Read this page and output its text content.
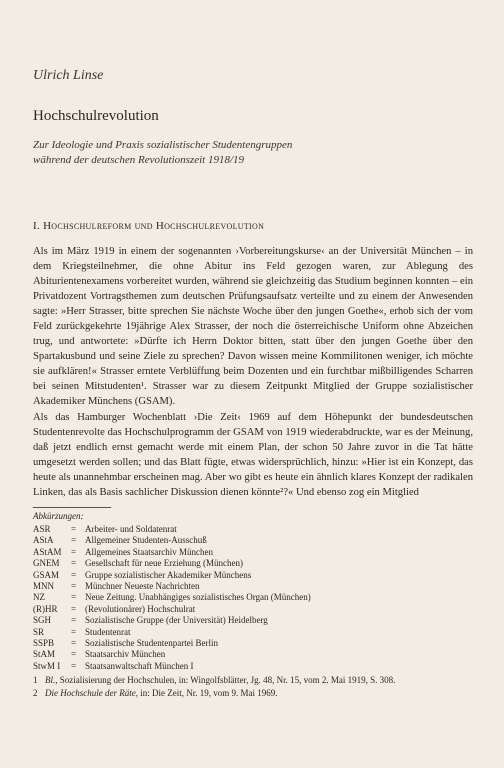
Ulrich Linse
Hochschulrevolution
Zur Ideologie und Praxis sozialistischer Studentengruppen
während der deutschen Revolutionszeit 1918/19
I. Hochschulreform und Hochschulrevolution

Als im März 1919 in einem der sogenannten ›Vorbereitungskurse‹ an der Universität München – in dem Kriegsteilnehmer, die ohne Abitur ins Feld gezogen waren, zur Ablegung des Abiturientenexamens vorbereitet wurden, während sie gleichzeitig das Studium beginnen konnten – ein Privatdozent Vortragsthemen zum deutschen Prüfungsaufsatz verteilte und zu einem der Anwesenden sagte: »Herr Strasser, bitte sprechen Sie nächste Woche über den jungen Goethe«, erhob sich der vom Feld zurückgekehrte 19jährige Alex Strasser, der noch die österreichische Uniform ohne Abzeichen trug, und antwortete: »Dürfte ich Herrn Doktor bitten, statt über den jungen Goethe über den Spartakusbund und seine Ziele zu sprechen? Davon wissen meine Kommilitonen weniger, ich möchte sie aufklären!« Strasser erntete Verblüffung beim Dozenten und ein furchtbar mißbilligendes Scharren bei seinen Mitstudenten¹. Strasser war zu diesem Zeitpunkt Mitglied der Gruppe sozialistischer Akademiker Münchens (GSAM).

Als das Hamburger Wochenblatt ›Die Zeit‹ 1969 auf dem Höhepunkt der bundesdeutschen Studentenrevolte das Hochschulprogramm der GSAM von 1919 wiederabdruckte, war es der Meinung, daß jetzt endlich ernst gemacht werde mit einem Plan, der schon 50 Jahre zuvor in die Tat hätte umgesetzt werden sollen; und das Blatt fügte, etwas widersprüchlich, hinzu: »Hier ist ein Konzept, das heute als unannehmbar erscheinen mag. Aber wo gibt es heute ein ähnlich klares Konzept der radikalen Linken, das als Basis sachlicher Diskussion dienen könnte²?« Und ebenso zog ein Mitglied

Abkürzungen:
ASR	= Arbeiter- und Soldatenrat
AStA	= Allgemeiner Studenten-Ausschuß
AStAM	= Allgemeines Staatsarchiv München
GNEM	= Gesellschaft für neue Erziehung (München)
GSAM	= Gruppe sozialistischer Akademiker Münchens
MNN	= Münchner Neueste Nachrichten
NZ	= Neue Zeitung. Unabhängiges sozialistisches Organ (München)
(R)HR	= (Revolutionärer) Hochschulrat
SGH	= Sozialistische Gruppe (der Universität) Heidelberg
SR	= Studentenrat
SSPB	= Sozialistische Studentenpartei Berlin
StAM	= Staatsarchiv München
StwM I	= Staatsanwaltschaft München I
1 Bl., Sozialisierung der Hochschulen, in: Wingolfsblätter, Jg. 48, Nr. 15, vom 2. Mai 1919, S. 308.
2 Die Hochschule der Räte, in: Die Zeit, Nr. 19, vom 9. Mai 1969.
